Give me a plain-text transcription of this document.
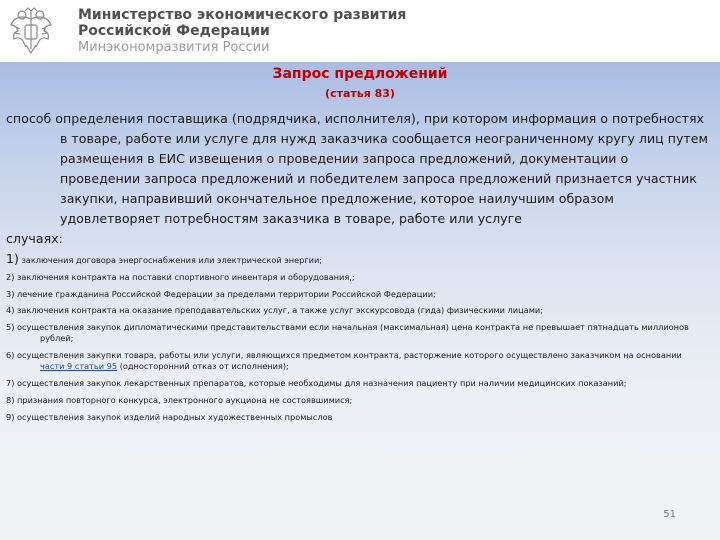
Министерство экономического развития
Российской Федерации
Минэкономразвития России
Запрос предложений
(статья 83)
способ определения поставщика (подрядчика, исполнителя), при котором информация о потребностях в товаре, работе или услуге для нужд заказчика сообщается неограниченному кругу лиц путем размещения в ЕИС извещения о проведении запроса предложений, документации о проведении запроса предложений и победителем запроса предложений признается участник закупки, направивший окончательное предложение, которое наилучшим образом удовлетворяет потребностям заказчика в товаре, работе или услуге
случаях:
1) заключения договора энергоснабжения или электрической энергии;
2) заключения контракта на поставки спортивного инвентаря и оборудования,;
3) лечение гражданина Российской Федерации за пределами территории Российской Федерации;
4) заключения контракта на оказание преподавательских услуг, а также услуг экскурсовода (гида) физическими лицами;
5) осуществления закупок дипломатическими представительствами если начальная (максимальная) цена контракта не превышает пятнадцать миллионов рублей;
6) осуществления закупки товара, работы или услуги, являющихся предметом контракта, расторжение которого осуществлено заказчиком на основании части 9 статьи 95 (односторонний отказ от исполнения);
7) осуществления закупок лекарственных препаратов, которые необходимы для назначения пациенту при наличии медицинских показаний;
8) признания повторного конкурса, электронного аукциона не состоявшимися;
9) осуществления закупок изделий народных художественных промыслов
51
